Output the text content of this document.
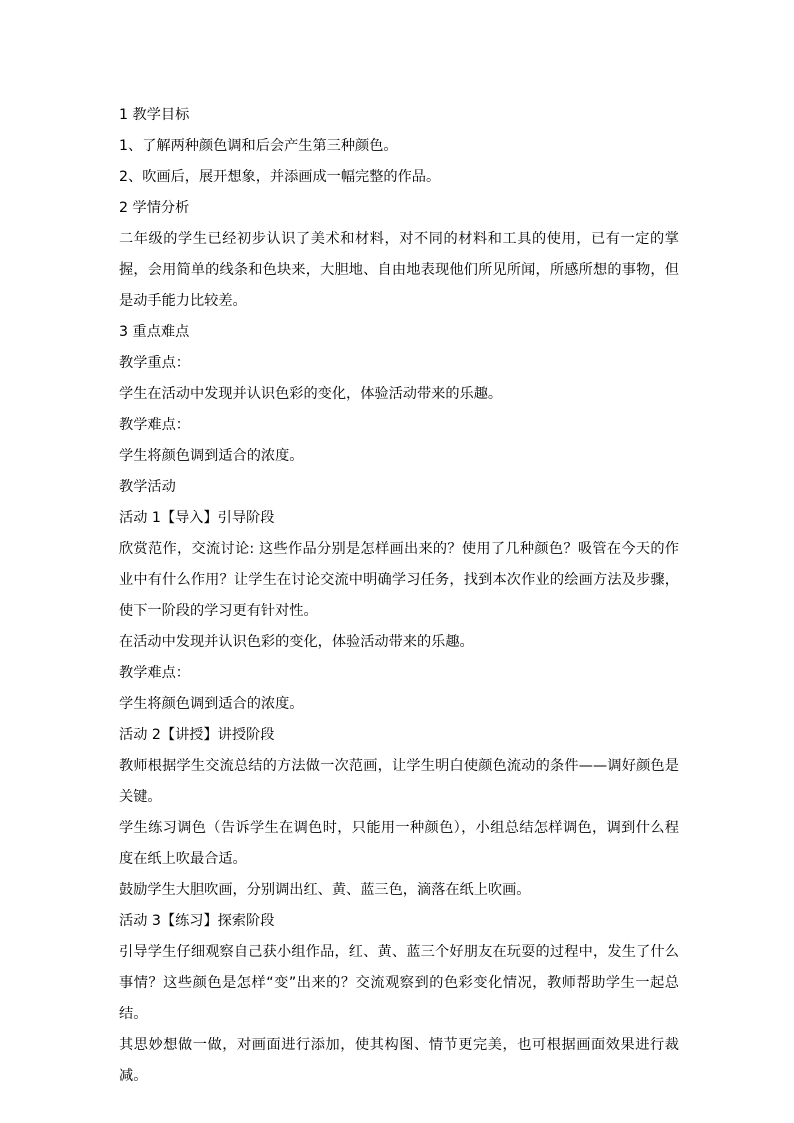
1 教学目标

1、了解两种颜色调和后会产生第三种颜色。

2、吹画后，展开想象，并添画成一幅完整的作品。

2 学情分析

二年级的学生已经初步认识了美术和材料，对不同的材料和工具的使用，已有一定的掌握，会用简单的线条和色块来，大胆地、自由地表现他们所见所闻，所感所想的事物，但是动手能力比较差。

3 重点难点

教学重点：

学生在活动中发现并认识色彩的变化，体验活动带来的乐趣。

教学难点：

学生将颜色调到适合的浓度。

教学活动

活动 1【导入】引导阶段

欣赏范作，交流讨论: 这些作品分别是怎样画出来的？使用了几种颜色？吸管在今天的作业中有什么作用？让学生在讨论交流中明确学习任务，找到本次作业的绘画方法及步骤，使下一阶段的学习更有针对性。

在活动中发现并认识色彩的变化，体验活动带来的乐趣。

教学难点：

学生将颜色调到适合的浓度。

活动 2【讲授】讲授阶段

教师根据学生交流总结的方法做一次范画，让学生明白使颜色流动的条件——调好颜色是关键。

学生练习调色（告诉学生在调色时，只能用一种颜色），小组总结怎样调色，调到什么程度在纸上吹最合适。

鼓励学生大胆吹画，分别调出红、黄、蓝三色，滴落在纸上吹画。

活动 3【练习】探索阶段

引导学生仔细观察自己获小组作品，红、黄、蓝三个好朋友在玩耍的过程中，发生了什么事情？这些颜色是怎样“变”出来的？交流观察到的色彩变化情况，教师帮助学生一起总结。

其思妙想做一做，对画面进行添加，使其构图、情节更完美，也可根据画面效果进行裁减。
